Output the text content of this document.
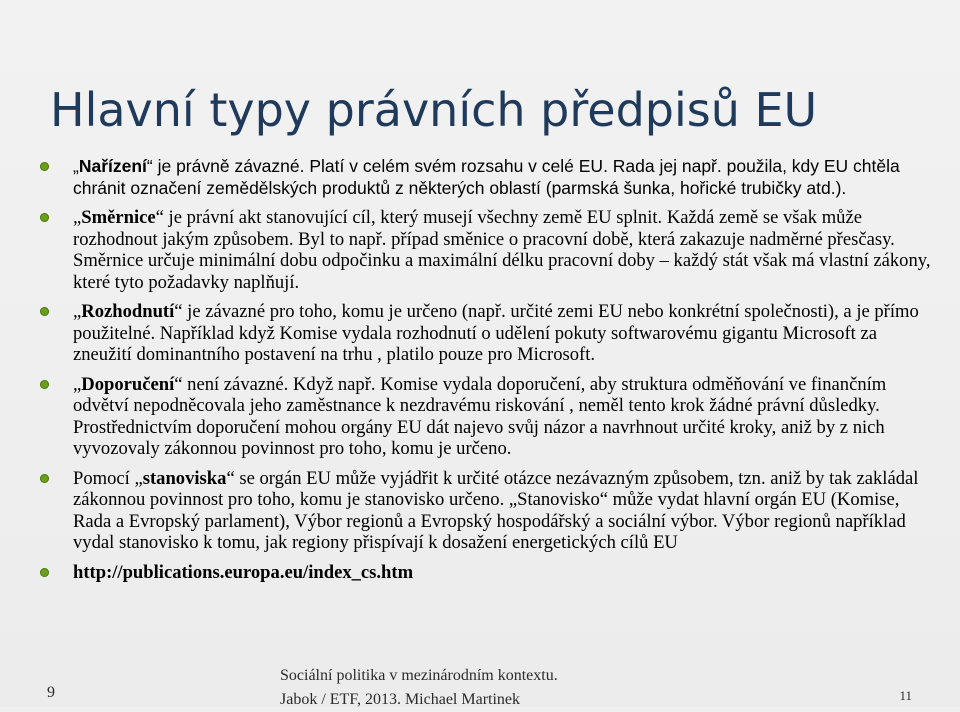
Hlavní typy právních předpisů EU
„Nařízení“ je právně závazné. Platí v celém svém rozsahu v celé EU. Rada jej např. použila, kdy EU chtěla chránit označení zemědělských produktů z některých oblastí (parmská šunka, hořické trubičky atd.).
„Směrnice“ je právní akt stanovující cíl, který musejí všechny země EU splnit. Každá země se však může rozhodnout jakým způsobem. Byl to např. případ směnice o pracovní době, která zakazuje nadměrné přesčasy. Směrnice určuje minimální dobu odpočinku a maximální délku pracovní doby – každý stát však má vlastní zákony, které tyto požadavky naplňují.
„Rozhodnutí“ je závazné pro toho, komu je určeno (např. určité zemi EU nebo konkrétní společnosti), a je přímo použitelné. Například když Komise vydala rozhodnutí o udělení pokuty softwarovému gigantu Microsoft za zneužití dominantního postavení na trhu , platilo pouze pro Microsoft.
„Doporučení“ není závazné. Když např. Komise vydala doporučení, aby struktura odměňování ve finančním odvětví nepodněcovala jeho zaměstnance k nezdravému riskování , neměl tento krok žádné právní důsledky. Prostřednictvím doporučení mohou orgány EU dát najevo svůj názor a navrhnout určité kroky, aniž by z nich vyvozovaly zákonnou povinnost pro toho, komu je určeno.
Pomocí „stanoviska“ se orgán EU může vyjádřit k určité otázce nezávazným způsobem, tzn. aniž by tak zakládal zákonnou povinnost pro toho, komu je stanovisko určeno. „Stanovisko“ může vydat hlavní orgán EU (Komise, Rada a Evropský parlament), Výbor regionů a Evropský hospodářský a sociální výbor. Výbor regionů například vydal stanovisko k tomu, jak regiony přispívají k dosažení energetických cílů EU
http://publications.europa.eu/index_cs.htm
9
Sociální politika v mezinárodním kontextu.
Jabok / ETF, 2013. Michael Martinek	11
